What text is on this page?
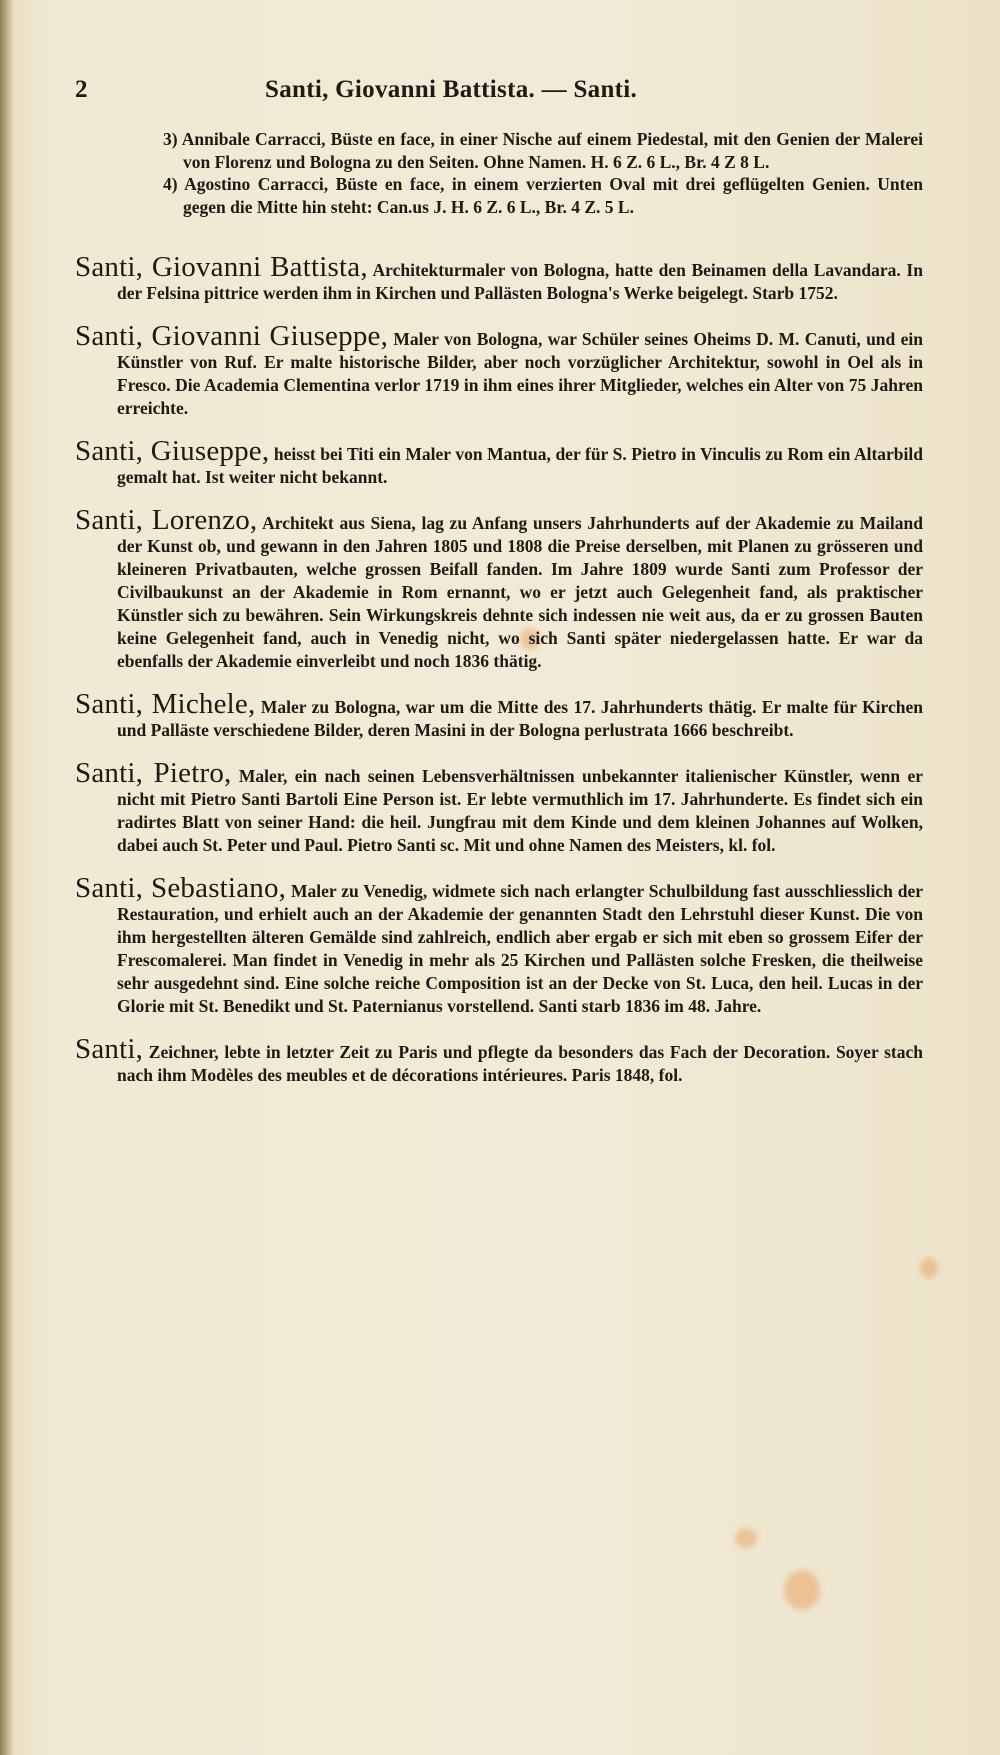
2	Santi, Giovanni Battista. — Santi.

3) Annibale Carracci, Büste en face, in einer Nische auf einem Piedestal, mit den Genien der Malerei von Florenz und Bologna zu den Seiten. Ohne Namen. H. 6 Z. 6 L., Br. 4 Z 8 L.

4) Agostino Carracci, Büste en face, in einem verzierten Oval mit drei geflügelten Genien. Unten gegen die Mitte hin steht: Can.us J. H. 6 Z. 6 L., Br. 4 Z. 5 L.

Santi, Giovanni Battista, Architekturmaler von Bologna, hatte den Beinamen della Lavandara. In der Felsina pittrice werden ihm in Kirchen und Pallästen Bologna's Werke beigelegt. Starb 1752.

Santi, Giovanni Giuseppe, Maler von Bologna, war Schüler seines Oheims D. M. Canuti, und ein Künstler von Ruf. Er malte historische Bilder, aber noch vorzüglicher Architektur, sowohl in Oel als in Fresco. Die Academia Clementina verlor 1719 in ihm eines ihrer Mitglieder, welches ein Alter von 75 Jahren erreichte.

Santi, Giuseppe, heisst bei Titi ein Maler von Mantua, der für S. Pietro in Vinculis zu Rom ein Altarbild gemalt hat. Ist weiter nicht bekannt.

Santi, Lorenzo, Architekt aus Siena, lag zu Anfang unsers Jahrhunderts auf der Akademie zu Mailand der Kunst ob, und gewann in den Jahren 1805 und 1808 die Preise derselben, mit Planen zu grösseren und kleineren Privatbauten, welche grossen Beifall fanden. Im Jahre 1809 wurde Santi zum Professor der Civilbaukunst an der Akademie in Rom ernannt, wo er jetzt auch Gelegenheit fand, als praktischer Künstler sich zu bewähren. Sein Wirkungskreis dehnte sich indessen nie weit aus, da er zu grossen Bauten keine Gelegenheit fand, auch in Venedig nicht, wo sich Santi später niedergelassen hatte. Er war da ebenfalls der Akademie einverleibt und noch 1836 thätig.

Santi, Michele, Maler zu Bologna, war um die Mitte des 17. Jahrhunderts thätig. Er malte für Kirchen und Palläste verschiedene Bilder, deren Masini in der Bologna perlustrata 1666 beschreibt.

Santi, Pietro, Maler, ein nach seinen Lebensverhältnissen unbekannter italienischer Künstler, wenn er nicht mit Pietro Santi Bartoli Eine Person ist. Er lebte vermuthlich im 17. Jahrhunderte. Es findet sich ein radirtes Blatt von seiner Hand: die heil. Jungfrau mit dem Kinde und dem kleinen Johannes auf Wolken, dabei auch St. Peter und Paul. Pietro Santi sc. Mit und ohne Namen des Meisters, kl. fol.

Santi, Sebastiano, Maler zu Venedig, widmete sich nach erlangter Schulbildung fast ausschliesslich der Restauration, und erhielt auch an der Akademie der genannten Stadt den Lehrstuhl dieser Kunst. Die von ihm hergestellten älteren Gemälde sind zahlreich, endlich aber ergab er sich mit eben so grossem Eifer der Frescomalerei. Man findet in Venedig in mehr als 25 Kirchen und Pallästen solche Fresken, die theilweise sehr ausgedehnt sind. Eine solche reiche Composition ist an der Decke von St. Luca, den heil. Lucas in der Glorie mit St. Benedikt und St. Paternianus vorstellend. Santi starb 1836 im 48. Jahre.

Santi, Zeichner, lebte in letzter Zeit zu Paris und pflegte da besonders das Fach der Decoration. Soyer stach nach ihm Modèles des meubles et de décorations intérieures. Paris 1848, fol.
